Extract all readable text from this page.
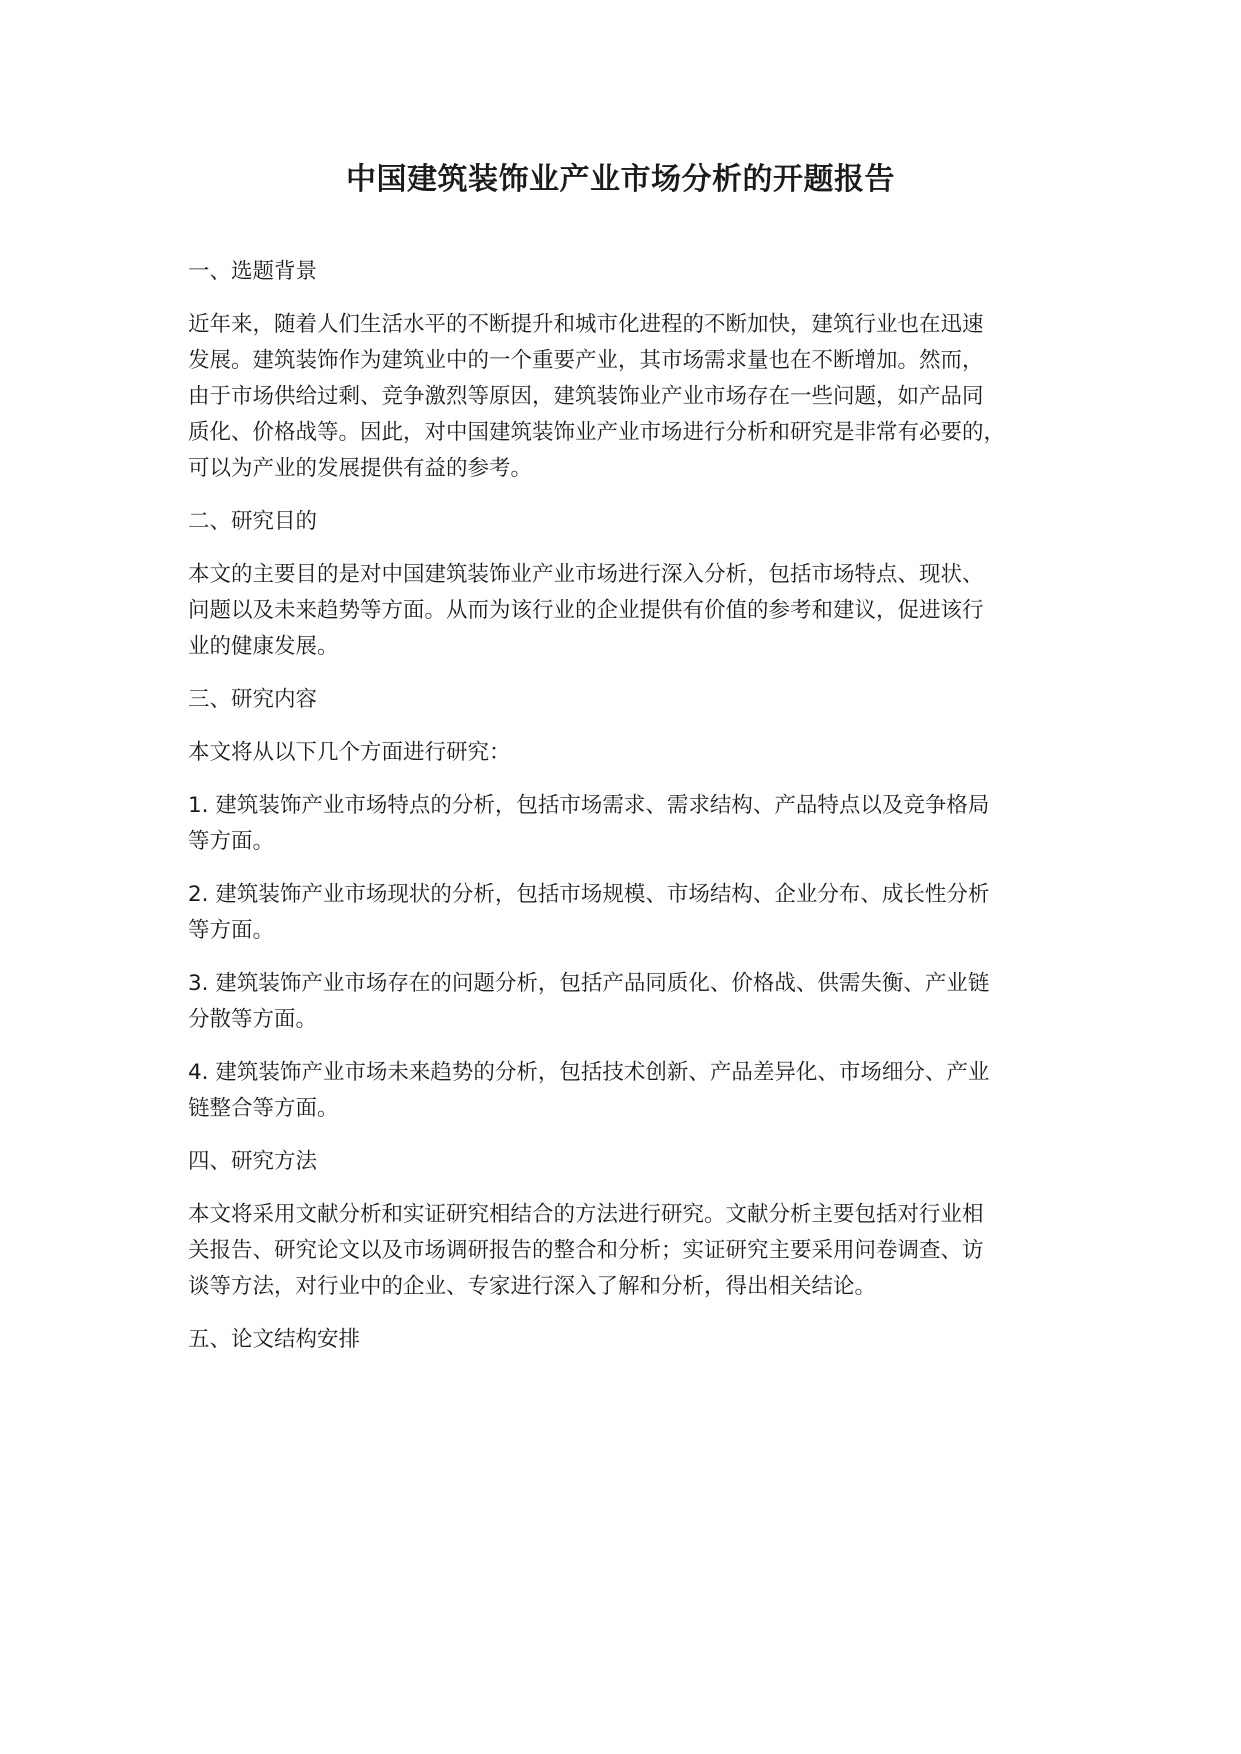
中国建筑装饰业产业市场分析的开题报告
一、选题背景
近年来，随着人们生活水平的不断提升和城市化进程的不断加快，建筑行业也在迅速
发展。建筑装饰作为建筑业中的一个重要产业，其市场需求量也在不断增加。然而，
由于市场供给过剩、竞争激烈等原因，建筑装饰业产业市场存在一些问题，如产品同
质化、价格战等。因此，对中国建筑装饰业产业市场进行分析和研究是非常有必要的，
可以为产业的发展提供有益的参考。
二、研究目的
本文的主要目的是对中国建筑装饰业产业市场进行深入分析，包括市场特点、现状、
问题以及未来趋势等方面。从而为该行业的企业提供有价值的参考和建议，促进该行
业的健康发展。
三、研究内容
本文将从以下几个方面进行研究：
1. 建筑装饰产业市场特点的分析，包括市场需求、需求结构、产品特点以及竞争格局
等方面。
2. 建筑装饰产业市场现状的分析，包括市场规模、市场结构、企业分布、成长性分析
等方面。
3. 建筑装饰产业市场存在的问题分析，包括产品同质化、价格战、供需失衡、产业链
分散等方面。
4. 建筑装饰产业市场未来趋势的分析，包括技术创新、产品差异化、市场细分、产业
链整合等方面。
四、研究方法
本文将采用文献分析和实证研究相结合的方法进行研究。文献分析主要包括对行业相
关报告、研究论文以及市场调研报告的整合和分析；实证研究主要采用问卷调查、访
谈等方法，对行业中的企业、专家进行深入了解和分析，得出相关结论。
五、论文结构安排
